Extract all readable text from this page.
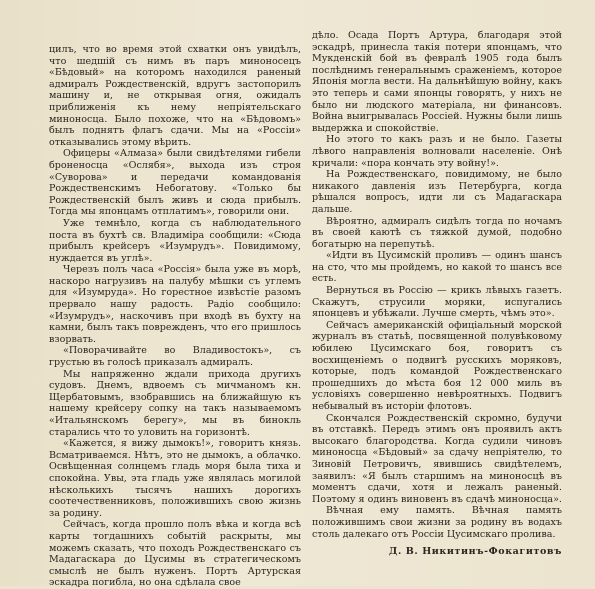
цилъ, что во время этой схватки онъ увидѣлъ, что шедшій съ нимъ въ паръ миноносецъ «Бѣдовый» на которомъ находился раненый адмиралъ Рождественскій, вдругъ застопорилъ машину и, не открывая огня, ожидалъ приближенія къ нему непріятельскаго миноносца. Было похоже, что на «Бѣдовомъ» былъ поднятъ флагъ сдачи. Мы на «Россіи» отказывались этому вѣрить.

Офицеры «Алмаза» были свидѣтелями гибели броненосца «Ослябя», выхода изъ строя «Суворова» и передачи командованія Рождественскимъ Небогатову. «Только бы Рождественскій былъ живъ и сюда прибылъ. Тогда мы японцамъ отплатимъ», говорили они.

Уже темнѣло, когда съ наблюдательного поста въ бухтѣ св. Владиміра сообщили: «Сюда прибылъ крейсеръ «Изумрудъ». Повидимому, нуждается въ углѣ».

Черезъ полъ часа «Россія» была уже въ морѣ, наскоро нагрузивъ на палубу мѣшки съ углемъ для «Изумруда». Но горестное извѣстіе разомъ прервало нашу радость. Радіо сообщило: «Изумрудъ», наскочивъ при входѣ въ бухту на камни, былъ такъ поврежденъ, что его пришлось взорвать.

«Поворачивайте во Владивостокъ», съ грустью въ голосѣ приказалъ адмиралъ.

Мы напряженно ждали прихода другихъ судовъ. Днемъ, вдвоемъ съ мичманомъ кн. Щербатовымъ, взобравшись на ближайшую къ нашему крейсеру сопку на такъ называемомъ «Итальянскомъ берегу», мы въ бинокль старались что то уловить на горизонтѣ.

«Кажется, я вижу дымокъ!», говоритъ князь. Всматриваемся. Нѣтъ, это не дымокъ, а облачко. Освѣщенная солнцемъ гладь моря была тиха и спокойна. Увы, эта гладь уже являлась могилой нѣсколькихъ тысячъ нашихъ дорогихъ соотечественниковъ, положившихъ свою жизнь за родину.

Сейчасъ, когда прошло полъ вѣка и когда всѣ карты тогдашнихъ событій раскрыты, мы можемъ сказать, что походъ Рождественскаго съ Мадагаскара до Цусимы въ стратегическомъ смыслѣ не былъ нуженъ. Портъ Артурская эскадра погибла, но она сдѣлала свое

дѣло. Осада Портъ Артура, благодаря этой эскадрѣ, принесла такія потери японцамъ, что Мукденскій бой въ февралѣ 1905 года былъ послѣднимъ генеральнымъ сраженіемъ, которое Японія могла вести. На дальнѣйшую войну, какъ это теперь и сами японцы говорятъ, у нихъ не было ни людского матеріала, ни финансовъ. Война выигрывалась Россіей. Нужны были лишь выдержка и спокойствіе.

Но этого то какъ разъ и не было. Газеты лѣвого направленія волновали населеніе. Онѣ кричали: «пора кончать эту войну!».

На Рождественскаго, повидимому, не было никакого давленія изъ Петербурга, когда рѣшался вопросъ, идти ли съ Мадагаскара дальше.

Вѣроятно, адмиралъ сидѣлъ тогда по ночамъ въ своей каютѣ съ тяжкой думой, подобно богатырю на перепутьѣ.

«Идти въ Цусимскій проливъ — одинъ шансъ на сто, что мы пройдемъ, но какой то шансъ все есть.

Вернуться въ Россію — крикъ лѣвыхъ газетъ. Скажутъ, струсили моряки, испугались японцевъ и убѣжали. Лучше смерть, чѣмъ это».

Сейчасъ американскій офиціальный морской журналъ въ статьѣ, посвященной полувѣковому юбилею Цусимскаго боя, говоритъ съ восхищеніемъ о подвигѣ русскихъ моряковъ, которые, подъ командой Рождественскаго прошедшихъ до мѣста боя 12 000 миль въ условіяхъ совершенно невѣроятныхъ. Подвигъ небывалый въ исторіи флотовъ.

Скончался Рождественскій скромно, будучи въ отставкѣ. Передъ этимъ онъ проявилъ актъ высокаго благородства. Когда судили чиновъ миноносца «Бѣдовый» за сдачу непріятелю, то Зиновій Петровичъ, явившись свидѣтелемъ, заявилъ: «Я былъ старшимъ на миноносцѣ въ моментъ сдачи, хотя и лежалъ раненый. Поэтому я одинъ виновенъ въ сдачѣ миноносца».

Вѣчная ему память. Вѣчная память положившимъ свои жизни за родину въ водахъ столь далекаго отъ Россіи Цусимскаго пролива.

Д. В. Никитинъ-Фокагитовъ
